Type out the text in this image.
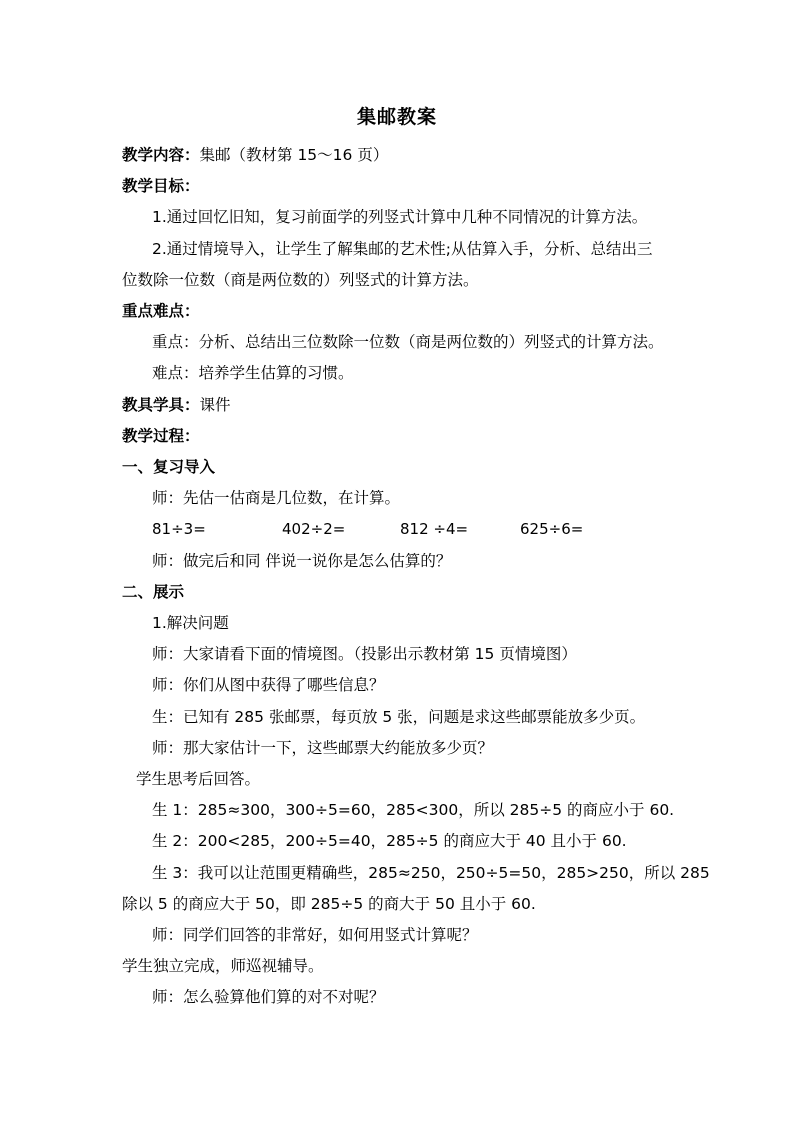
集邮教案
教学内容：集邮（教材第 15～16 页）
教学目标：
1.通过回忆旧知，复习前面学的列竖式计算中几种不同情况的计算方法。
2.通过情境导入，让学生了解集邮的艺术性;从估算入手，分析、总结出三
位数除一位数（商是两位数的）列竖式的计算方法。
重点难点：
重点：分析、总结出三位数除一位数（商是两位数的）列竖式的计算方法。
难点：培养学生估算的习惯。
教具学具：课件
教学过程：
一、复习导入
师：先估一估商是几位数，在计算。
81÷3=	402÷2=	812 ÷4=	625÷6=
师：做完后和同 伴说一说你是怎么估算的？
二、展示
1.解决问题
师：大家请看下面的情境图。（投影出示教材第 15 页情境图）
师：你们从图中获得了哪些信息？
生：已知有 285 张邮票，每页放 5 张，问题是求这些邮票能放多少页。
师：那大家估计一下，这些邮票大约能放多少页？
学生思考后回答。
生 1：285≈300，300÷5=60，285<300，所以 285÷5 的商应小于 60.
生 2：200<285，200÷5=40，285÷5 的商应大于 40 且小于 60.
生 3：我可以让范围更精确些，285≈250，250÷5=50，285>250，所以 285
除以 5 的商应大于 50，即 285÷5 的商大于 50 且小于 60.
师：同学们回答的非常好，如何用竖式计算呢？
学生独立完成，师巡视辅导。
师：怎么验算他们算的对不对呢？
